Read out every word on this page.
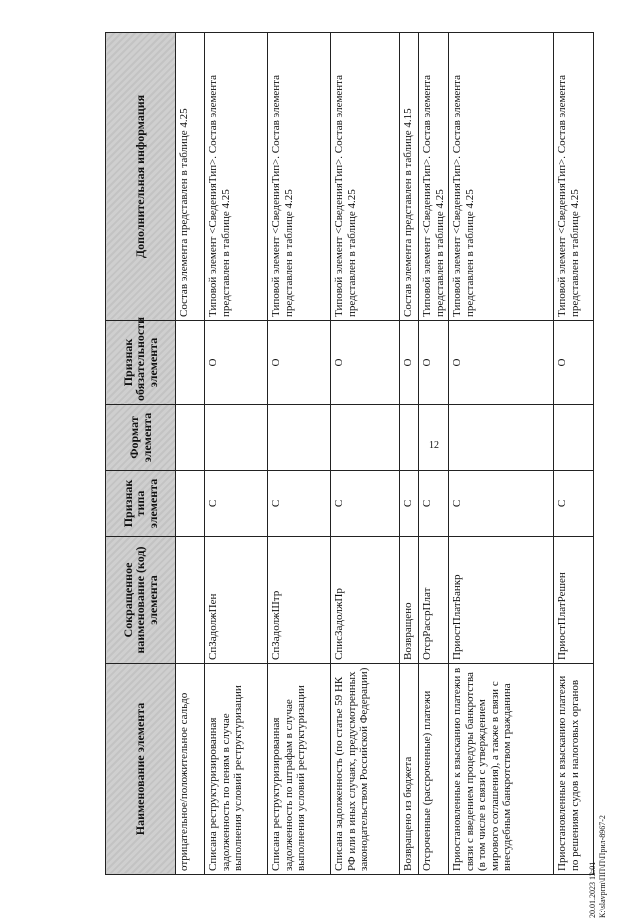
12
Наименование элемента	Сокращенное наименование (код) элемента	Признак типа элемента	Формат элемента	Признак обязательности элемента	Дополнительная информация
отрицательное/положительное сальдо					Состав элемента представлен в таблице 4.25
Списана реструктуризированная задолженность по пеням в случае выполнения условий реструктуризации	СпЗадолжПен	С		О	Типовой элемент <СведенияТип>. Состав элемента представлен в таблице 4.25
Списана реструктуризированная задолженность по штрафам в случае выполнения условий реструктуризации	СпЗадолжШтр	С		О	Типовой элемент <СведенияТип>. Состав элемента представлен в таблице 4.25
Списана задолженность (по статье 59 НК РФ или в иных случаях, предусмотренных законодательством Российской Федерации)	СписЗадолжПр	С		О	Типовой элемент <СведенияТип>. Состав элемента представлен в таблице 4.25
Возвращено из бюджета	Возвращено	С		О	Состав элемента представлен в таблице 4.15
Отсроченные (рассроченные) платежи	ОтсрРассрПлат	С		О	Типовой элемент <СведенияТип>. Состав элемента представлен в таблице 4.25
Приостановленные к взысканию платежи в связи с введением процедуры банкротства (в том числе в связи с утверждением мирового соглашения), а также в связи с внесудебным банкротством гражданина	ПриостПлатБанкр	С		О	Типовой элемент <СведенияТип>. Состав элемента представлен в таблице 4.25
Приостановленные к взысканию платежи по решениям судов и налоговых органов	ПриостПлатРешен	С		О	Типовой элемент <СведенияТип>. Состав элемента представлен в таблице 4.25
20.01.2023 12:01 К:\slavprm\ПП\П\Прил-8967-2
